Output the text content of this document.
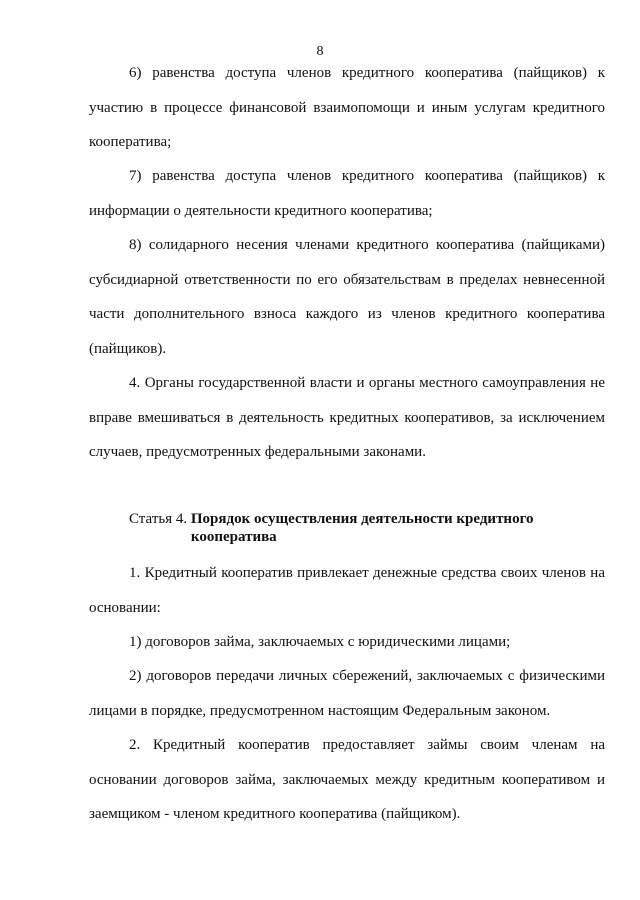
8

6) равенства доступа членов кредитного кооператива (пайщиков) к участию в процессе финансовой взаимопомощи и иным услугам кредитного кооператива;

7) равенства доступа членов кредитного кооператива (пайщиков) к информации о деятельности кредитного кооператива;

8) солидарного несения членами кредитного кооператива (пайщиками) субсидиарной ответственности по его обязательствам в пределах невнесенной части дополнительного взноса каждого из членов кредитного кооператива (пайщиков).

4. Органы государственной власти и органы местного самоуправления не вправе вмешиваться в деятельность кредитных кооперативов, за исключением случаев, предусмотренных федеральными законами.

Статья 4. Порядок осуществления деятельности кредитного кооператива

1. Кредитный кооператив привлекает денежные средства своих членов на основании:

1) договоров займа, заключаемых с юридическими лицами;

2) договоров передачи личных сбережений, заключаемых с физическими лицами в порядке, предусмотренном настоящим Федеральным законом.

2. Кредитный кооператив предоставляет займы своим членам на основании договоров займа, заключаемых между кредитным кооперативом и заемщиком - членом кредитного кооператива (пайщиком).
